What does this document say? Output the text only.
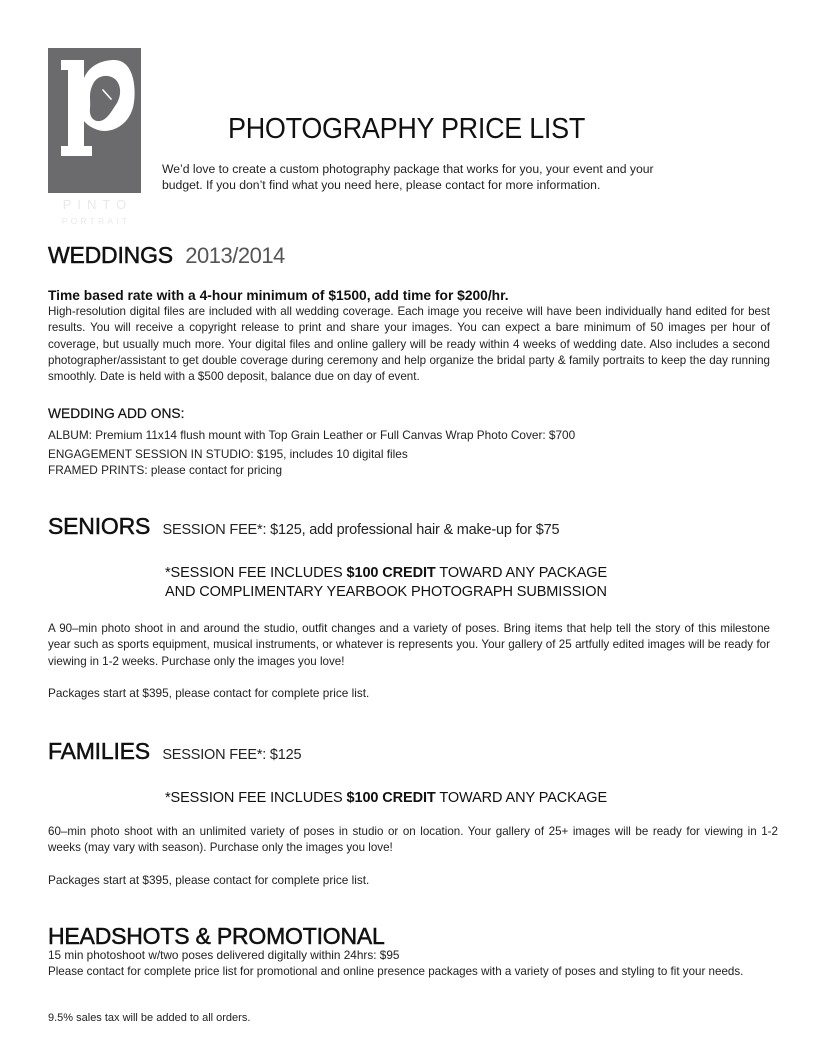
PINTO
PORTRAIT
PHOTOGRAPHY PRICE LIST
We’d love to create a custom photography package that works for you, your event and your
budget. If you don’t find what you need here, please contact for more information.
WEDDINGS 2013/2014
Time based rate with a 4-hour minimum of $1500, add time for $200/hr.
High-resolution digital files are included with all wedding coverage. Each image you receive will have been individually hand edited for best results. You will receive a copyright release to print and share your images. You can expect a bare minimum of 50 images per hour of coverage, but usually much more. Your digital files and online gallery will be ready within 4 weeks of wedding date. Also includes a second photographer/assistant to get double coverage during ceremony and help organize the bridal party & family portraits to keep the day running smoothly. Date is held with a $500 deposit, balance due on day of event.
WEDDING ADD ONS:
ALBUM: Premium 11x14 flush mount with Top Grain Leather or Full Canvas Wrap Photo Cover: $700
ENGAGEMENT SESSION IN STUDIO: $195, includes 10 digital files
FRAMED PRINTS: please contact for pricing
SENIORS SESSION FEE*: $125, add professional hair & make-up for $75
*SESSION FEE INCLUDES $100 CREDIT TOWARD ANY PACKAGE
AND COMPLIMENTARY YEARBOOK PHOTOGRAPH SUBMISSION
A 90–min photo shoot in and around the studio, outfit changes and a variety of poses. Bring items that help tell the story of this milestone year such as sports equipment, musical instruments, or whatever is represents you. Your gallery of 25 artfully edited images will be ready for viewing in 1-2 weeks. Purchase only the images you love!
Packages start at $395, please contact for complete price list.
FAMILIES SESSION FEE*: $125
*SESSION FEE INCLUDES $100 CREDIT TOWARD ANY PACKAGE
60–min photo shoot with an unlimited variety of poses in studio or on location. Your gallery of 25+ images will be ready for viewing in 1-2 weeks (may vary with season). Purchase only the images you love!
Packages start at $395, please contact for complete price list.
HEADSHOTS & PROMOTIONAL
15 min photoshoot w/two poses delivered digitally within 24hrs: $95
Please contact for complete price list for promotional and online presence packages with a variety of poses and styling to fit your needs.
9.5% sales tax will be added to all orders.
